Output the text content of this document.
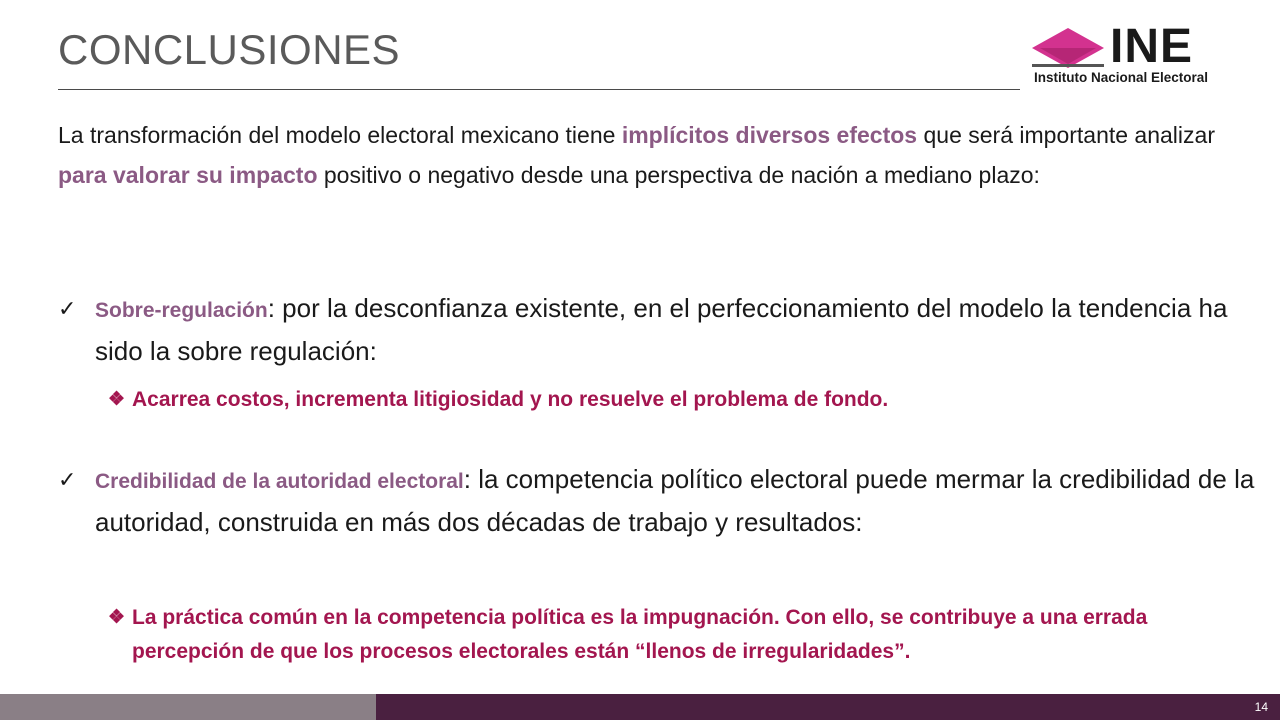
CONCLUSIONES	INE
Instituto Nacional Electoral
La transformación del modelo electoral mexicano tiene implícitos diversos efectos que será importante analizar para valorar su impacto positivo o negativo desde una perspectiva de nación a mediano plazo:
✓ Sobre-regulación: por la desconfianza existente, en el perfeccionamiento del modelo la tendencia ha sido la sobre regulación:
❖ Acarrea costos, incrementa litigiosidad y no resuelve el problema de fondo.
✓ Credibilidad de la autoridad electoral: la competencia político electoral puede mermar la credibilidad de la autoridad, construida en más dos décadas de trabajo y resultados:
❖ La práctica común en la competencia política es la impugnación. Con ello, se contribuye a una errada percepción de que los procesos electorales están “llenos de irregularidades”.
14
